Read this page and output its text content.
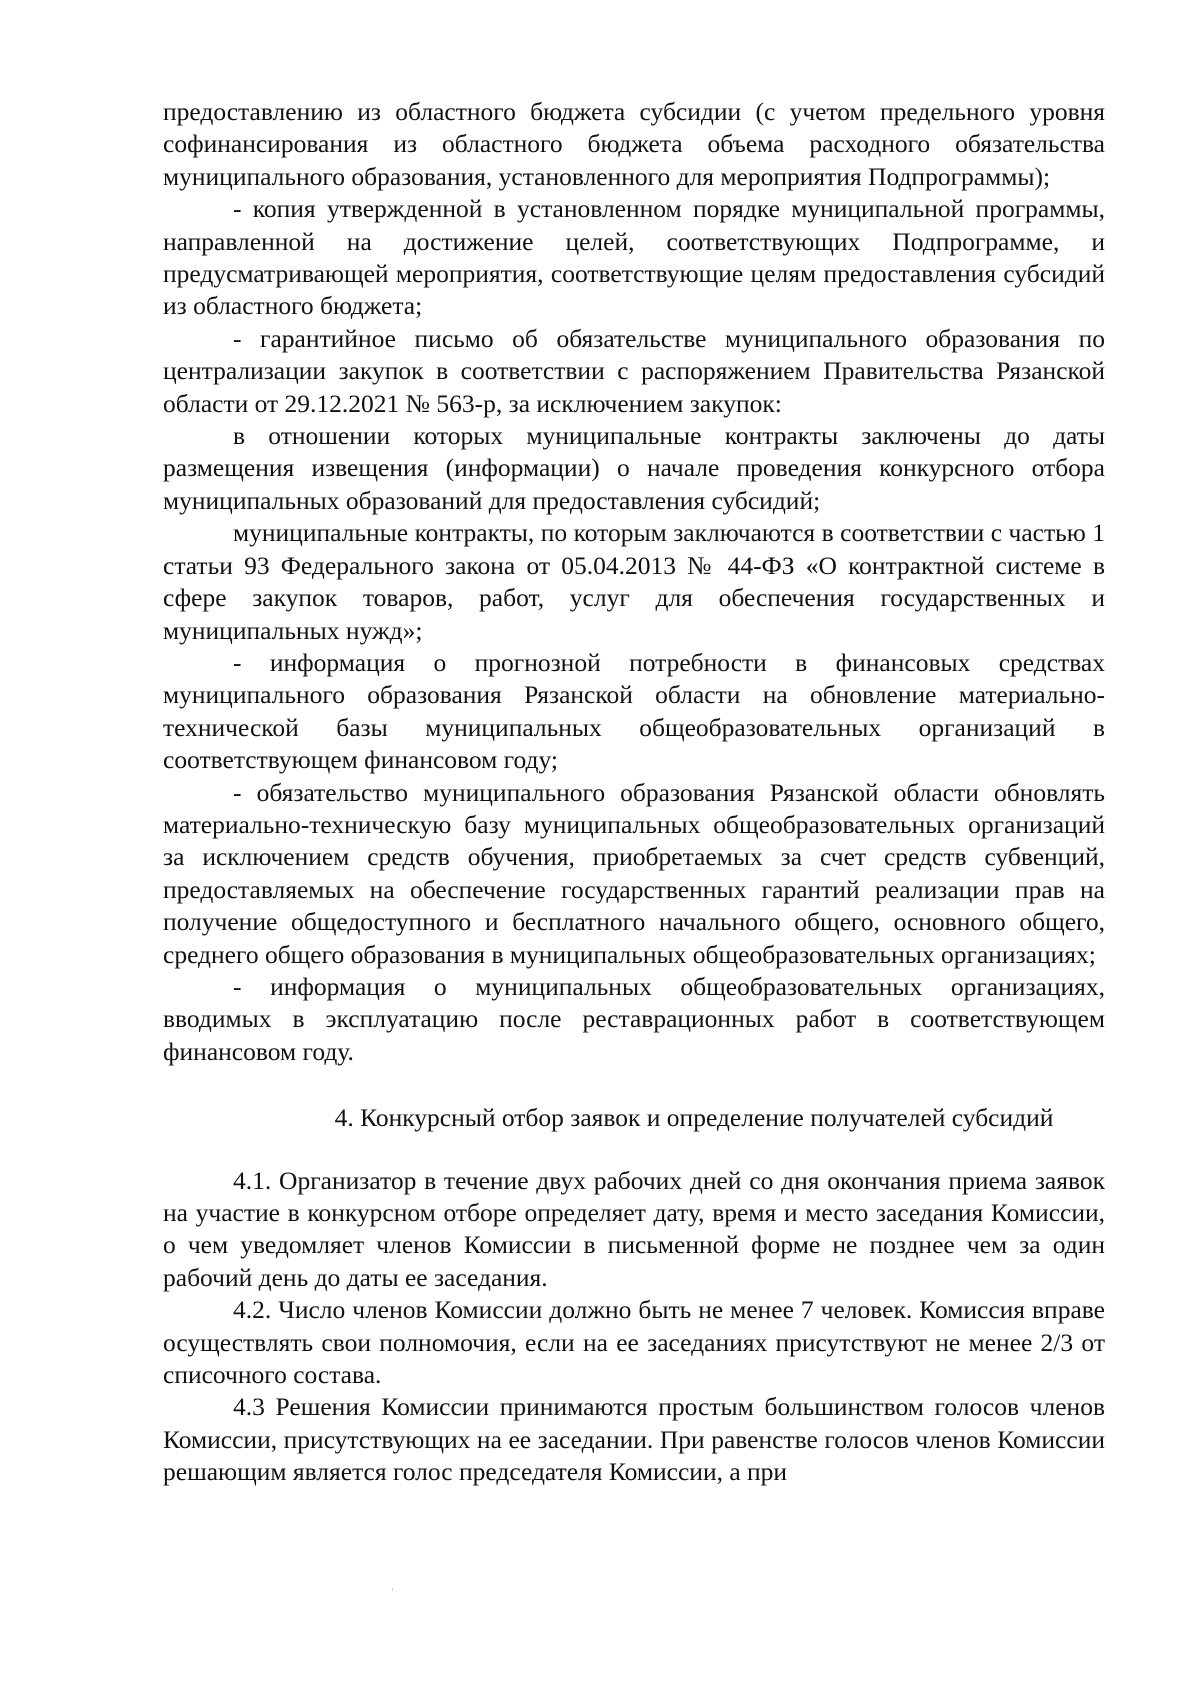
предоставлению из областного бюджета субсидии (с учетом предельного уровня софинансирования из областного бюджета объема расходного обязательства муниципального образования, установленного для мероприятия Подпрограммы);

- копия утвержденной в установленном порядке муниципальной программы, направленной на достижение целей, соответствующих Подпрограмме, и предусматривающей мероприятия, соответствующие целям предоставления субсидий из областного бюджета;

- гарантийное письмо об обязательстве муниципального образования по централизации закупок в соответствии с распоряжением Правительства Рязанской области от 29.12.2021 № 563-р, за исключением закупок:

в отношении которых муниципальные контракты заключены до даты размещения извещения (информации) о начале проведения конкурсного отбора муниципальных образований для предоставления субсидий;

муниципальные контракты, по которым заключаются в соответствии с частью 1 статьи 93 Федерального закона от 05.04.2013 № 44-ФЗ «О контрактной системе в сфере закупок товаров, работ, услуг для обеспечения государственных и муниципальных нужд»;

- информация о прогнозной потребности в финансовых средствах муниципального образования Рязанской области на обновление материально-технической базы муниципальных общеобразовательных организаций в соответствующем финансовом году;

- обязательство муниципального образования Рязанской области обновлять материально-техническую базу муниципальных общеобразовательных организаций за исключением средств обучения, приобретаемых за счет средств субвенций, предоставляемых на обеспечение государственных гарантий реализации прав на получение общедоступного и бесплатного начального общего, основного общего, среднего общего образования в муниципальных общеобразовательных организациях;

- информация о муниципальных общеобразовательных организациях, вводимых в эксплуатацию после реставрационных работ в соответствующем финансовом году.

4. Конкурсный отбор заявок и определение получателей субсидий

4.1. Организатор в течение двух рабочих дней со дня окончания приема заявок на участие в конкурсном отборе определяет дату, время и место заседания Комиссии, о чем уведомляет членов Комиссии в письменной форме не позднее чем за один рабочий день до даты ее заседания.

4.2. Число членов Комиссии должно быть не менее 7 человек. Комиссия вправе осуществлять свои полномочия, если на ее заседаниях присутствуют не менее 2/3 от списочного состава.

4.3 Решения Комиссии принимаются простым большинством голосов членов Комиссии, присутствующих на ее заседании. При равенстве голосов членов Комиссии решающим является голос председателя Комиссии, а при
